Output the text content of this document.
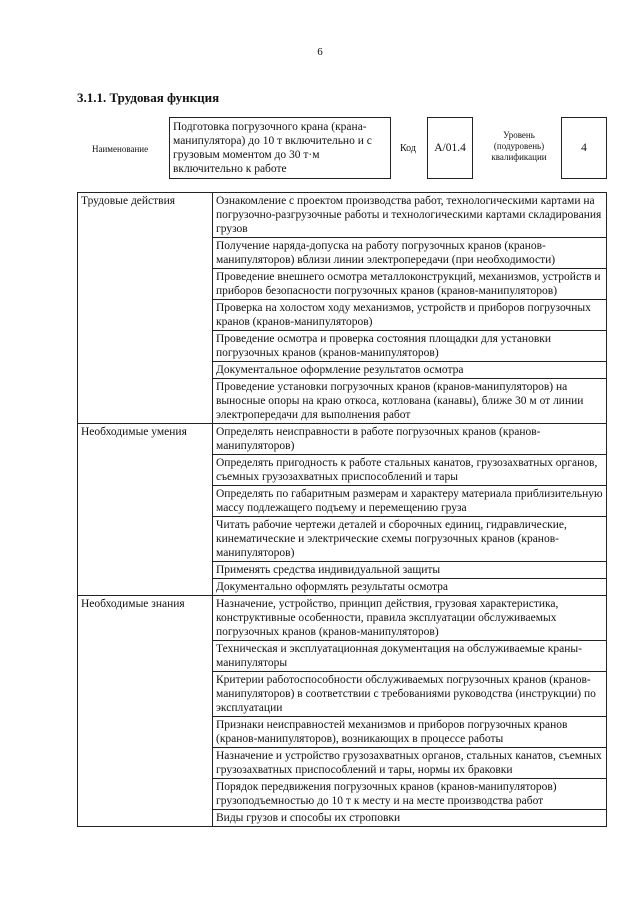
6
3.1.1. Трудовая функция
Наименование
Подготовка погрузочного крана (крана-манипулятора) до 10 т включительно и с грузовым моментом до 30 т·м включительно к работе
Код	A/01.4
Уровень (подуровень) квалификации
4
Трудовые действия	Ознакомление с проектом производства работ, технологическими картами на погрузочно-разгрузочные работы и технологическими картами складирования грузов
	Получение наряда-допуска на работу погрузочных кранов (кранов-манипуляторов) вблизи линии электропередачи (при необходимости)
	Проведение внешнего осмотра металлоконструкций, механизмов, устройств и приборов безопасности погрузочных кранов (кранов-манипуляторов)
	Проверка на холостом ходу механизмов, устройств и приборов погрузочных кранов (кранов-манипуляторов)
	Проведение осмотра и проверка состояния площадки для установки погрузочных кранов (кранов-манипуляторов)
	Документальное оформление результатов осмотра
	Проведение установки погрузочных кранов (кранов-манипуляторов) на выносные опоры на краю откоса, котлована (канавы), ближе 30 м от линии электропередачи для выполнения работ
Необходимые умения	Определять неисправности в работе погрузочных кранов (кранов-манипуляторов)
	Определять пригодность к работе стальных канатов, грузозахватных органов, съемных грузозахватных приспособлений и тары
	Определять по габаритным размерам и характеру материала приблизительную массу подлежащего подъему и перемещению груза
	Читать рабочие чертежи деталей и сборочных единиц, гидравлические, кинематические и электрические схемы погрузочных кранов (кранов-манипуляторов)
	Применять средства индивидуальной защиты
	Документально оформлять результаты осмотра
Необходимые знания	Назначение, устройство, принцип действия, грузовая характеристика, конструктивные особенности, правила эксплуатации обслуживаемых погрузочных кранов (кранов-манипуляторов)
	Техническая и эксплуатационная документация на обслуживаемые краны-манипуляторы
	Критерии работоспособности обслуживаемых погрузочных кранов (кранов-манипуляторов) в соответствии с требованиями руководства (инструкции) по эксплуатации
	Признаки неисправностей механизмов и приборов погрузочных кранов (кранов-манипуляторов), возникающих в процессе работы
	Назначение и устройство грузозахватных органов, стальных канатов, съемных грузозахватных приспособлений и тары, нормы их браковки
	Порядок передвижения погрузочных кранов (кранов-манипуляторов) грузоподъемностью до 10 т к месту и на месте производства работ
	Виды грузов и способы их строповки
